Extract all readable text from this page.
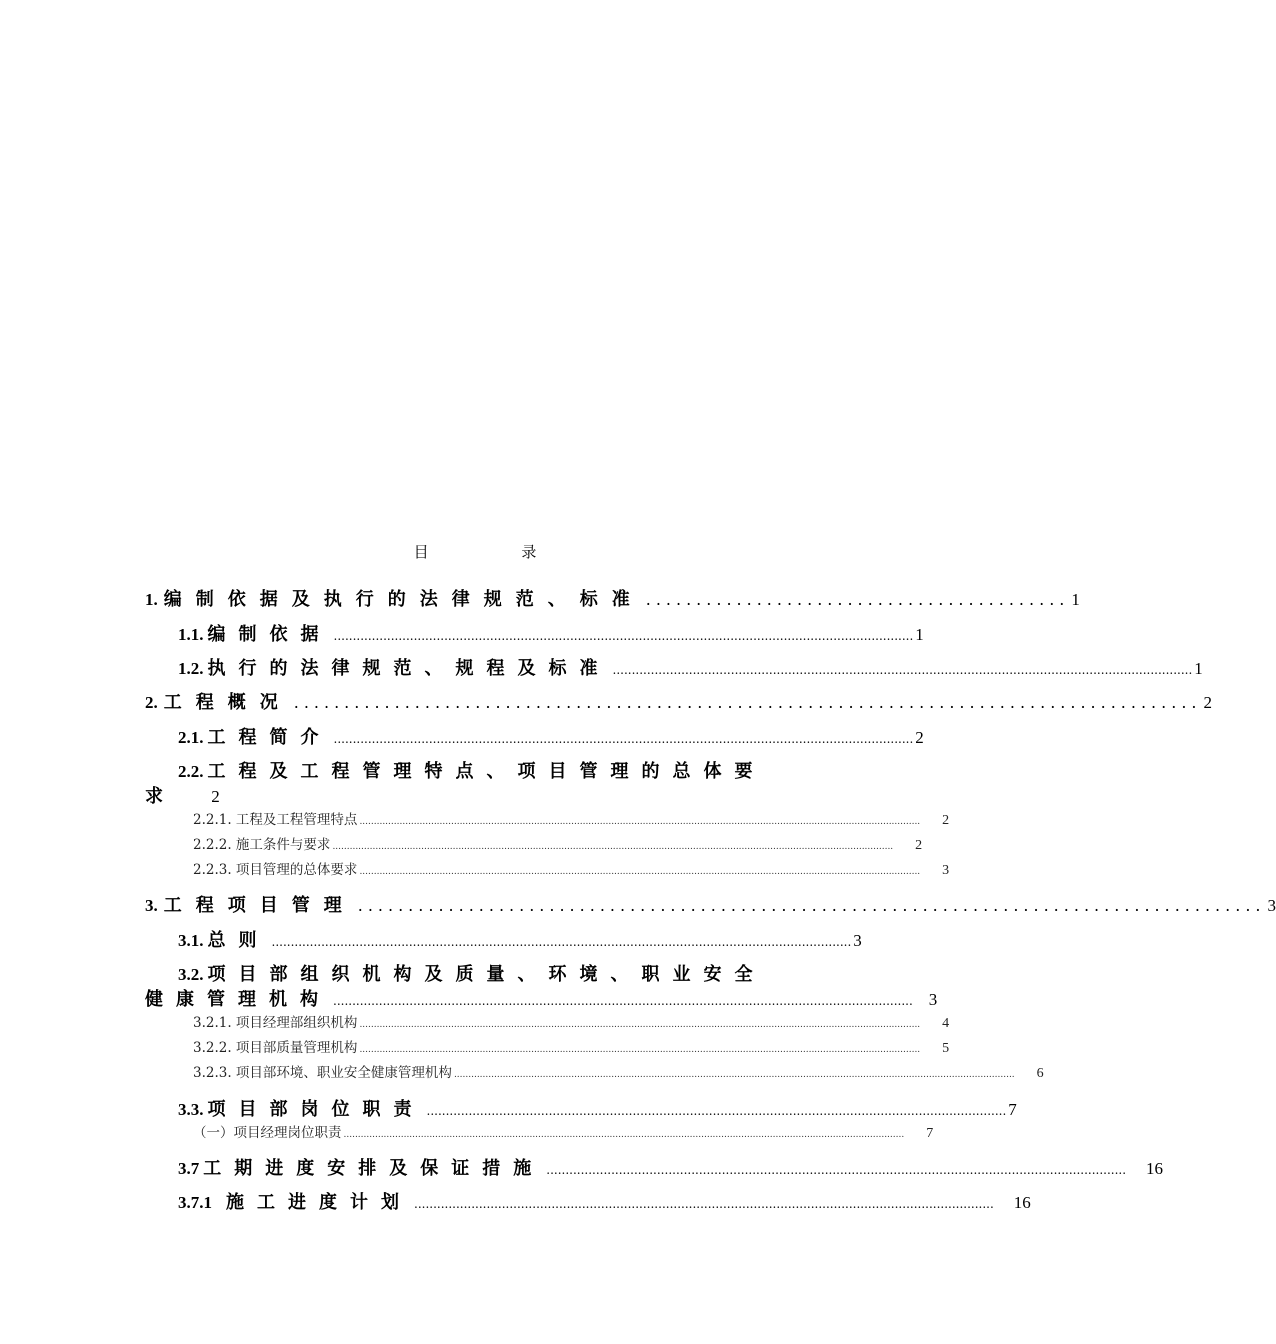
目	录
1. 编制依据及执行的法律规范、标准 .......................................... 1
1.1. 编制依据 ........................................................................................................................................................ 1
1.2. 执行的法律规范、规程及标准 ........................................................................................................................................................ 1
2. 工程概况 .......................................................................................... 2
2.1. 工程简介 ........................................................................................................................................................ 2
2.2. 工程及工程管理特点、项目管理的总体要
求	2
2.2.1. 工程及工程管理特点 .................................................................................................................................................................................................... 2
2.2.2. 施工条件与要求 .................................................................................................................................................................................................... 2
2.2.3. 项目管理的总体要求 .................................................................................................................................................................................................... 3
3. 工程项目管理 .......................................................................................... 3
3.1. 总则 ........................................................................................................................................................ 3
3.2. 项目部组织机构及质量、环境、职业安全
健康管理机构 ........................................................................................................................................................ 3
3.2.1. 项目经理部组织机构 .................................................................................................................................................................................................... 4
3.2.2. 项目部质量管理机构 .................................................................................................................................................................................................... 5
3.2.3. 项目部环境、职业安全健康管理机构 .................................................................................................................................................................................................... 6
3.3. 项目部岗位职责 ........................................................................................................................................................ 7
（一）项目经理岗位职责 .................................................................................................................................................................................................... 7
3.7 工期进度安排及保证措施 ........................................................................................................................................................ 16
3.7.1 施工进度计划 ........................................................................................................................................................ 16
